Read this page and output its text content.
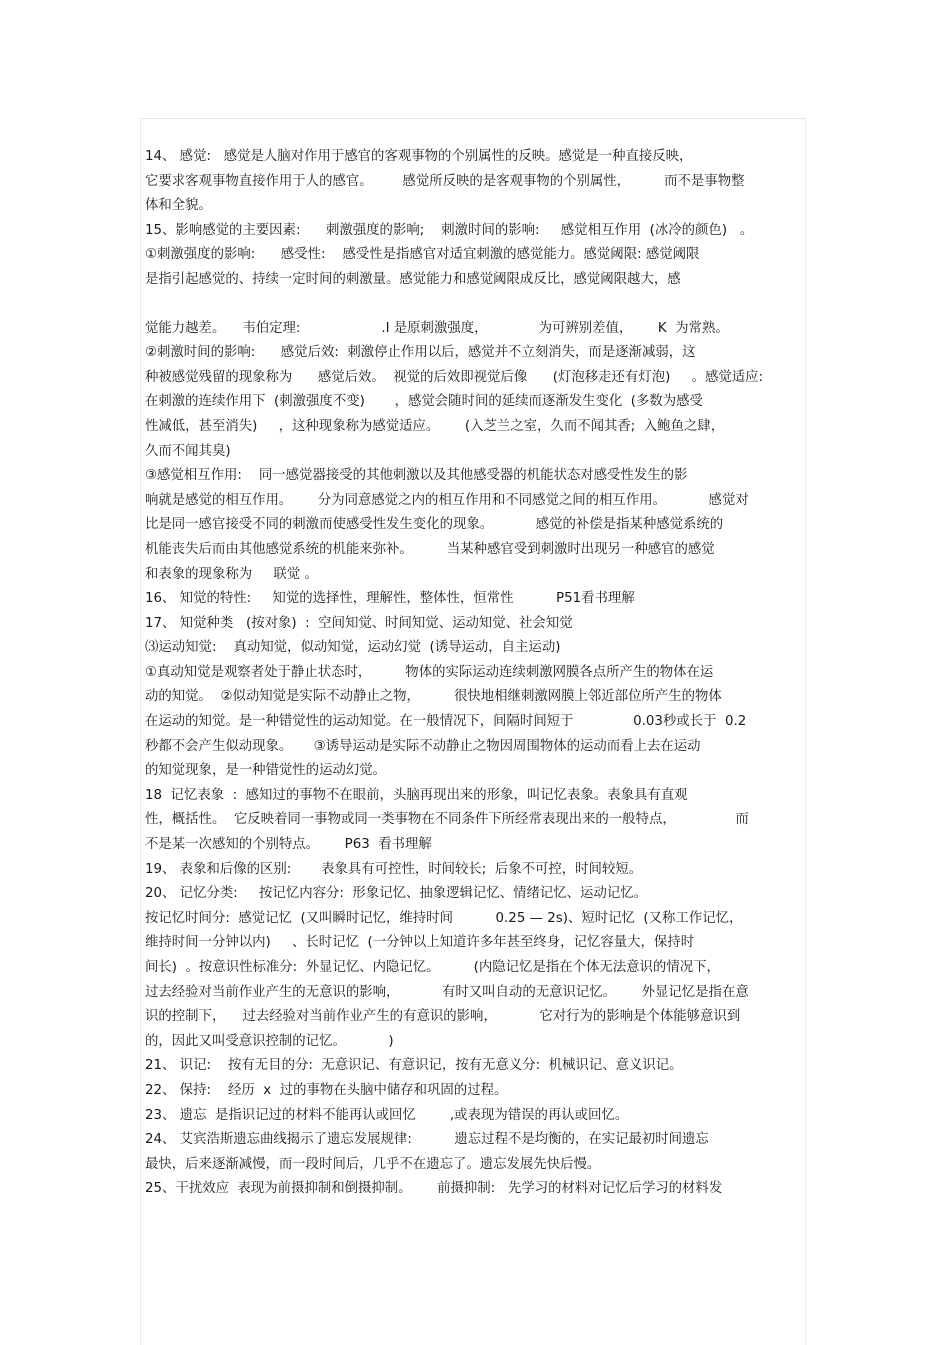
14、 感觉:   感觉是人脑对作用于感官的客观事物的个别属性的反映。感觉是一种直接反映，
它要求客观事物直接作用于人的感官。       感觉所反映的是客观事物的个别属性，        而不是事物整
体和全貌。
15、影响感觉的主要因素:      刺激强度的影响;    刺激时间的影响:     感觉相互作用  (冰冷的颜色)   。
①刺激强度的影响:      感受性:    感受性是指感官对适宜刺激的感觉能力。感觉阈限: 感觉阈限
是指引起感觉的、持续一定时间的刺激量。感觉能力和感觉阈限成反比，感觉阈限越大，感
觉能力越差。    韦伯定理:                   .I 是原刺激强度，            为可辨别差值，      K  为常熟。
②刺激时间的影响:      感觉后效:  刺激停止作用以后，感觉并不立刻消失，而是逐渐减弱，这
种被感觉残留的现象称为      感觉后效。  视觉的后效即视觉后像      (灯泡移走还有灯泡)     。感觉适应:
在刺激的连续作用下  (刺激强度不变)       ，感觉会随时间的延续而逐渐发生变化  (多数为感受
性减低，甚至消失)     ，这种现象称为感觉适应。      (入芝兰之室，久而不闻其香;  入鲍鱼之肆，
久而不闻其臭)
③感觉相互作用:    同一感觉器接受的其他刺激以及其他感受器的机能状态对感受性发生的影
响就是感觉的相互作用。      分为同意感觉之内的相互作用和不同感觉之间的相互作用。          感觉对
比是同一感官接受不同的刺激而使感受性发生变化的现象。          感觉的补偿是指某种感觉系统的
机能丧失后而由其他感觉系统的机能来弥补。        当某种感官受到刺激时出现另一种感官的感觉
和表象的现象称为     联觉 。
16、 知觉的特性:     知觉的选择性，理解性，整体性，恒常性          P51看书理解
17、 知觉种类   (按对象)  :  空间知觉、时间知觉、运动知觉、社会知觉
⑶运动知觉:    真动知觉，似动知觉，运动幻觉  (诱导运动，自主运动)
①真动知觉是观察者处于静止状态时，        物体的实际运动连续刺激网膜各点所产生的物体在运
动的知觉。  ②似动知觉是实际不动静止之物，        很快地相继刺激网膜上邻近部位所产生的物体
在运动的知觉。是一种错觉性的运动知觉。在一般情况下，间隔时间短于              0.03秒或长于  0.2
秒都不会产生似动现象。     ③诱导运动是实际不动静止之物因周围物体的运动而看上去在运动
的知觉现象，是一种错觉性的运动幻觉。
18  记忆表象  :  感知过的事物不在眼前，头脑再现出来的形象，叫记忆表象。表象具有直观
性，概括性。  它反映着同一事物或同一类事物在不同条件下所经常表现出来的一般特点，              而
不是某一次感知的个别特点。      P63  看书理解
19、 表象和后像的区别:       表象具有可控性，时间较长;  后象不可控，时间较短。
20、 记忆分类:     按记忆内容分:  形象记忆、抽象逻辑记忆、情绪记忆、运动记忆。
按记忆时间分:  感觉记忆  (又叫瞬时记忆，维持时间          0.25 — 2s)、短时记忆  (又称工作记忆，
维持时间一分钟以内)     、长时记忆  (一分钟以上知道许多年甚至终身，记忆容量大，保持时
间长)  。按意识性标准分:  外显记忆、内隐记忆。        (内隐记忆是指在个体无法意识的情况下，
过去经验对当前作业产生的无意识的影响，          有时又叫自动的无意识记忆。      外显记忆是指在意
识的控制下，    过去经验对当前作业产生的有意识的影响，          它对行为的影响是个体能够意识到
的，因此又叫受意识控制的记忆。          )
21、 识记:    按有无目的分:  无意识记、有意识记，按有无意义分:  机械识记、意义识记。
22、 保持:    经历  x  过的事物在头脑中储存和巩固的过程。
23、 遗忘  是指识记过的材料不能再认或回忆        ,或表现为错误的再认或回忆。
24、 艾宾浩斯遗忘曲线揭示了遗忘发展规律:          遗忘过程不是均衡的，在实记最初时间遗忘
最快，后来逐渐减慢，而一段时间后，几乎不在遗忘了。遗忘发展先快后慢。
25、干扰效应  表现为前摄抑制和倒摄抑制。      前摄抑制:   先学习的材料对记忆后学习的材料发
